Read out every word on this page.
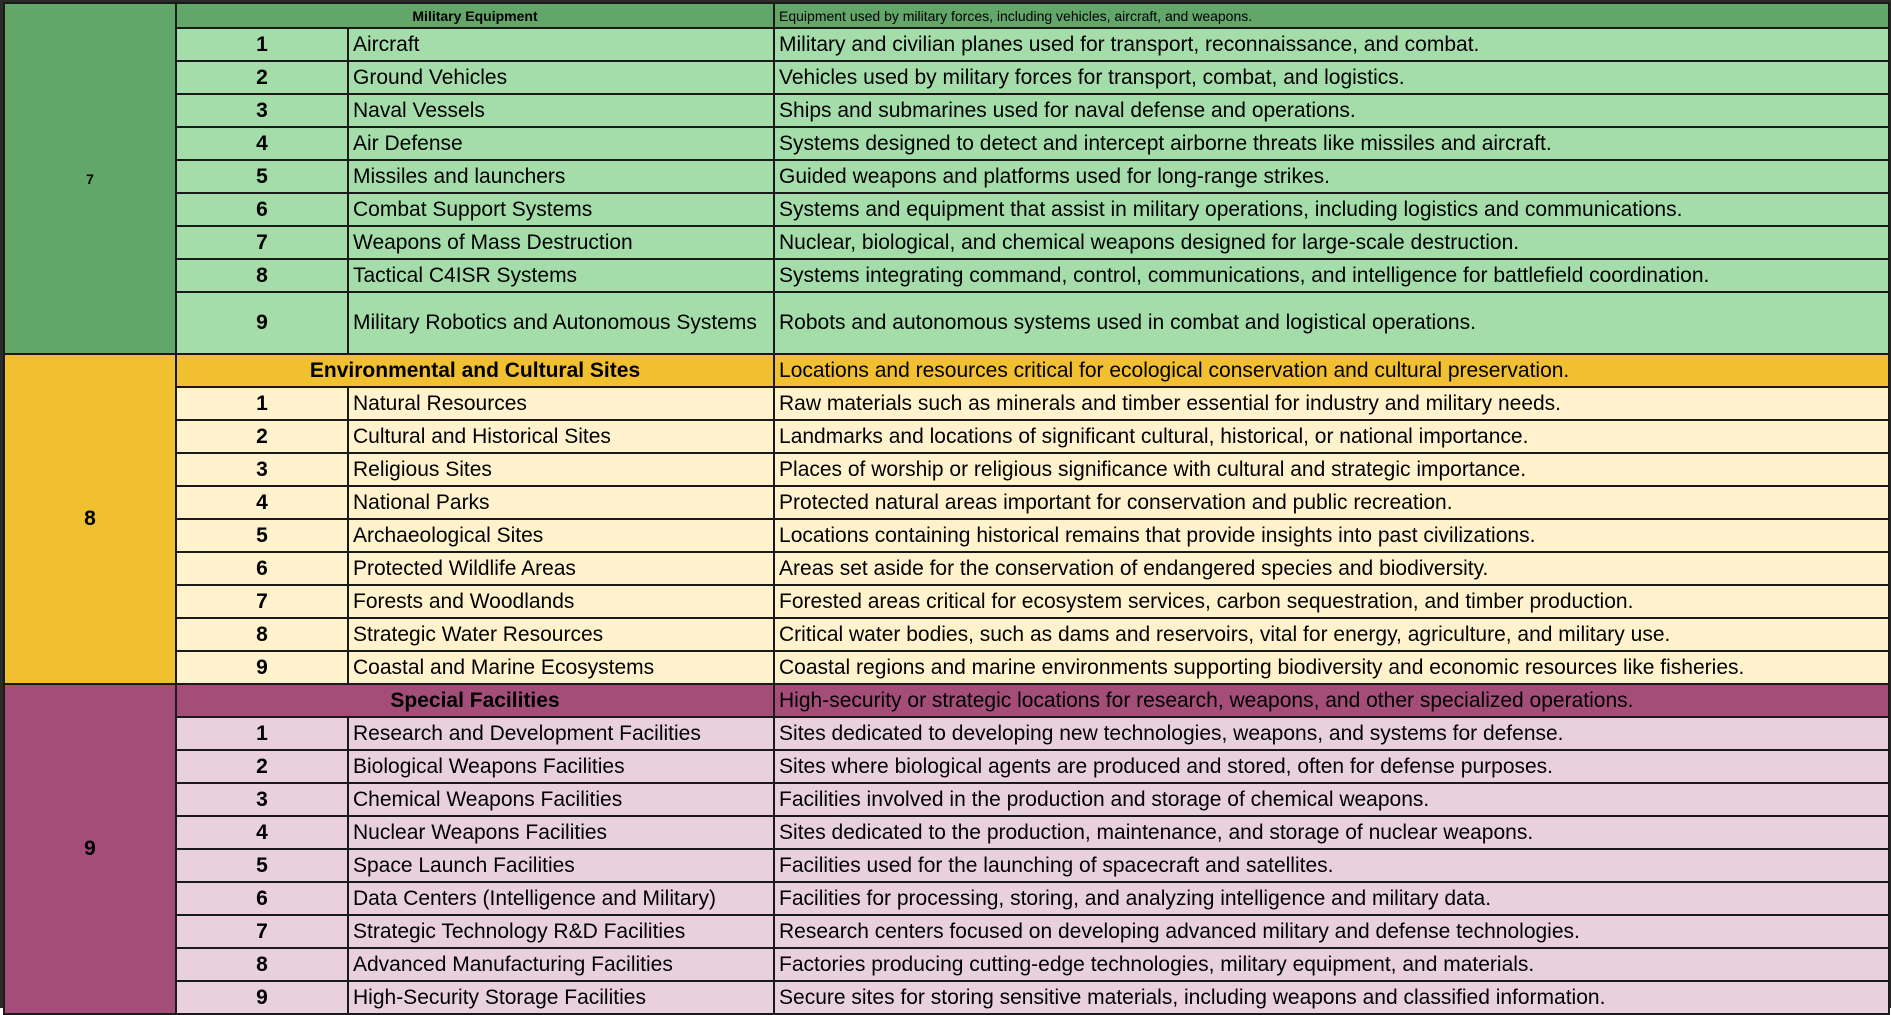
7	Military Equipment		Equipment used by military forces, including vehicles, aircraft, and weapons.
	1	Aircraft	Military and civilian planes used for transport, reconnaissance, and combat.
	2	Ground Vehicles	Vehicles used by military forces for transport, combat, and logistics.
	3	Naval Vessels	Ships and submarines used for naval defense and operations.
	4	Air Defense	Systems designed to detect and intercept airborne threats like missiles and aircraft.
	5	Missiles and launchers	Guided weapons and platforms used for long-range strikes.
	6	Combat Support Systems	Systems and equipment that assist in military operations, including logistics and communications.
	7	Weapons of Mass Destruction	Nuclear, biological, and chemical weapons designed for large-scale destruction.
	8	Tactical C4ISR Systems	Systems integrating command, control, communications, and intelligence for battlefield coordination.
	9	Military Robotics and Autonomous Systems	Robots and autonomous systems used in combat and logistical operations.
8	Environmental and Cultural Sites		Locations and resources critical for ecological conservation and cultural preservation.
	1	Natural Resources	Raw materials such as minerals and timber essential for industry and military needs.
	2	Cultural and Historical Sites	Landmarks and locations of significant cultural, historical, or national importance.
	3	Religious Sites	Places of worship or religious significance with cultural and strategic importance.
	4	National Parks	Protected natural areas important for conservation and public recreation.
	5	Archaeological Sites	Locations containing historical remains that provide insights into past civilizations.
	6	Protected Wildlife Areas	Areas set aside for the conservation of endangered species and biodiversity.
	7	Forests and Woodlands	Forested areas critical for ecosystem services, carbon sequestration, and timber production.
	8	Strategic Water Resources	Critical water bodies, such as dams and reservoirs, vital for energy, agriculture, and military use.
	9	Coastal and Marine Ecosystems	Coastal regions and marine environments supporting biodiversity and economic resources like fisheries.
9	Special Facilities		High-security or strategic locations for research, weapons, and other specialized operations.
	1	Research and Development Facilities	Sites dedicated to developing new technologies, weapons, and systems for defense.
	2	Biological Weapons Facilities	Sites where biological agents are produced and stored, often for defense purposes.
	3	Chemical Weapons Facilities	Facilities involved in the production and storage of chemical weapons.
	4	Nuclear Weapons Facilities	Sites dedicated to the production, maintenance, and storage of nuclear weapons.
	5	Space Launch Facilities	Facilities used for the launching of spacecraft and satellites.
	6	Data Centers (Intelligence and Military)	Facilities for processing, storing, and analyzing intelligence and military data.
	7	Strategic Technology R&D Facilities	Research centers focused on developing advanced military and defense technologies.
	8	Advanced Manufacturing Facilities	Factories producing cutting-edge technologies, military equipment, and materials.
	9	High-Security Storage Facilities	Secure sites for storing sensitive materials, including weapons and classified information.
